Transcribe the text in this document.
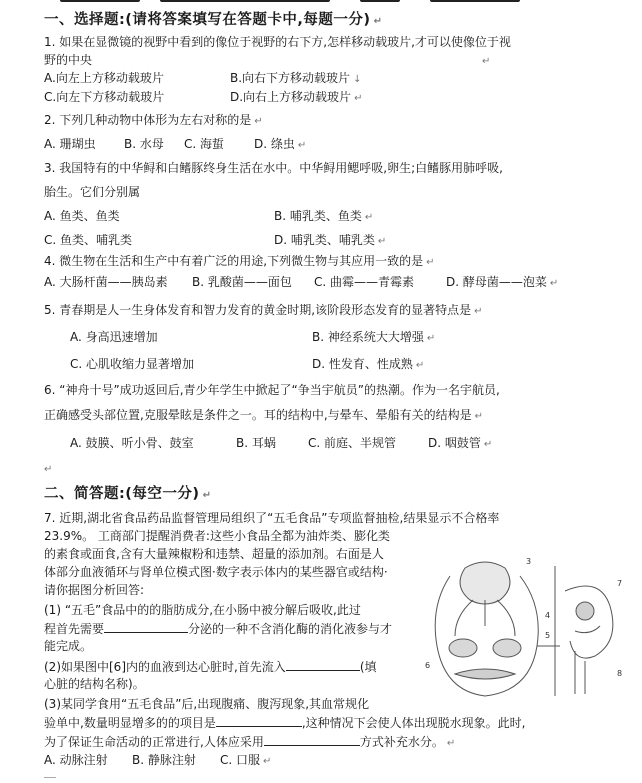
一、选择题:(请将答案填写在答题卡中,每题一分) ↵
1. 如果在显微镜的视野中看到的像位于视野的右下方,怎样移动载玻片,才可以使像位于视
野的中央	↵
A.向左上方移动载玻片	B.向右下方移动载玻片 ↓
C.向左下方移动载玻片	D.向右上方移动载玻片 ↵
2. 下列几种动物中体形为左右对称的是 ↵
A. 珊瑚虫 B. 水母 C. 海蜇 D. 绦虫 ↵
3. 我国特有的中华鲟和白鳍豚终身生活在水中。中华鲟用鳃呼吸,卵生;白鳍豚用肺呼吸,
胎生。它们分别属
A. 鱼类、鱼类	B. 哺乳类、鱼类 ↵
C. 鱼类、哺乳类	D. 哺乳类、哺乳类 ↵
4. 微生物在生活和生产中有着广泛的用途,下列微生物与其应用一致的是 ↵
A. 大肠杆菌——胰岛素 B. 乳酸菌——面包 C. 曲霉——青霉素	D. 酵母菌——泡菜 ↵
5. 青春期是人一生身体发育和智力发育的黄金时期,该阶段形态发育的显著特点是 ↵
A. 身高迅速增加	B. 神经系统大大增强 ↵
C. 心肌收缩力显著增加	D. 性发育、性成熟 ↵
6. “神舟十号”成功返回后,青少年学生中掀起了“争当宇航员”的热潮。作为一名宇航员,
正确感受头部位置,克服晕眩是条件之一。耳的结构中,与晕车、晕船有关的结构是 ↵
A. 鼓膜、听小骨、鼓室	B. 耳蜗	C. 前庭、半规管	D. 咽鼓管 ↵
↵
二、简答题:(每空一分) ↵
7. 近期,湖北省食品药品监督管理局组织了“五毛食品”专项监督抽检,结果显示不合格率
23.9%。 工商部门提醒消费者:这些小食品全都为油炸类、膨化类
的素食或面食,含有大量辣椒粉和违禁、超量的添加剂。右面是人
体部分血液循环与肾单位模式图·数字表示体内的某些器官或结构·
请你据图分析回答:
(1) “五毛”食品中的的脂肪成分,在小肠中被分解后吸收,此过
程首先需要	分泌的一种不含消化酶的消化液参与才
能完成。
(2)如果图中[6]内的血液到达心脏时,首先流入	(填
心脏的结构名称)。
(3)某同学食用“五毛食品”后,出现腹痛、腹泻现象,其血常规化
验单中,数量明显增多的的项目是	,这种情况下会使人体出现脱水现象。此时,
为了保证生命活动的正常进行,人体应采用	方式补充水分。 ↵
A. 动脉注射 B. 静脉注射 C. 口服 ↵
6
3
4
5
7
8
